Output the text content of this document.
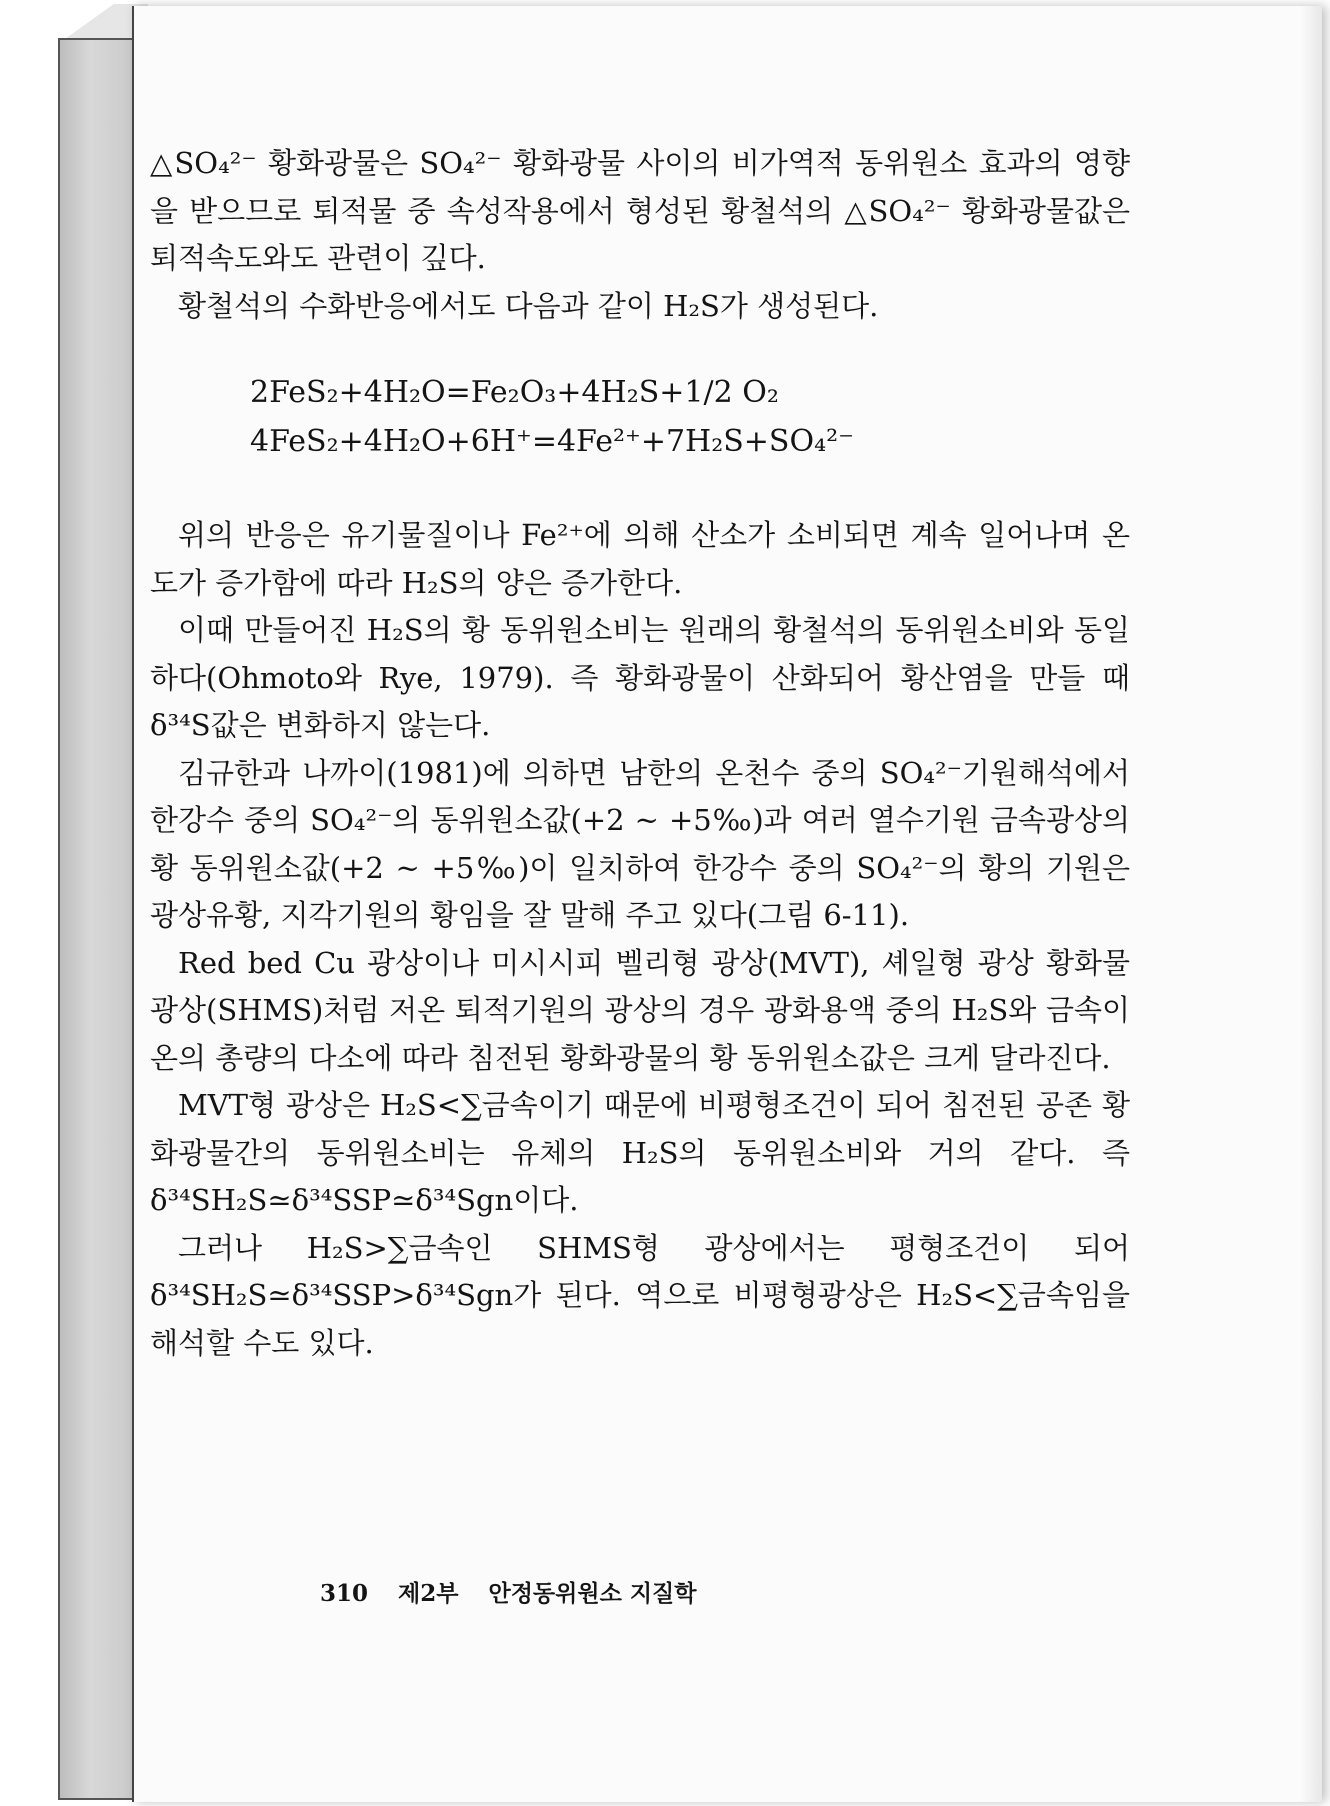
△SO₄²⁻ 황화광물은 SO₄²⁻ 황화광물 사이의 비가역적 동위원소 효과의 영향을 받으므로 퇴적물 중 속성작용에서 형성된 황철석의 △SO₄²⁻ 황화광물값은 퇴적속도와도 관련이 깊다.

황철석의 수화반응에서도 다음과 같이 H₂S가 생성된다.

2FeS₂+4H₂O=Fe₂O₃+4H₂S+1/2 O₂

4FeS₂+4H₂O+6H⁺=4Fe²⁺+7H₂S+SO₄²⁻

위의 반응은 유기물질이나 Fe²⁺에 의해 산소가 소비되면 계속 일어나며 온도가 증가함에 따라 H₂S의 양은 증가한다.

이때 만들어진 H₂S의 황 동위원소비는 원래의 황철석의 동위원소비와 동일하다(Ohmoto와 Rye, 1979). 즉 황화광물이 산화되어 황산염을 만들 때 δ³⁴S값은 변화하지 않는다.

김규한과 나까이(1981)에 의하면 남한의 온천수 중의 SO₄²⁻기원해석에서 한강수 중의 SO₄²⁻의 동위원소값(+2 ~ +5‰)과 여러 열수기원 금속광상의 황 동위원소값(+2 ~ +5‰)이 일치하여 한강수 중의 SO₄²⁻의 황의 기원은 광상유황, 지각기원의 황임을 잘 말해 주고 있다(그림 6-11).

Red bed Cu 광상이나 미시시피 벨리형 광상(MVT), 셰일형 광상 황화물 광상(SHMS)처럼 저온 퇴적기원의 광상의 경우 광화용액 중의 H₂S와 금속이온의 총량의 다소에 따라 침전된 황화광물의 황 동위원소값은 크게 달라진다.

MVT형 광상은 H₂S<∑금속이기 때문에 비평형조건이 되어 침전된 공존 황화광물간의 동위원소비는 유체의 H₂S의 동위원소비와 거의 같다. 즉 δ³⁴SH₂S≃δ³⁴SSP≃δ³⁴Sgn이다.

그러나 H₂S>∑금속인 SHMS형 광상에서는 평형조건이 되어 δ³⁴SH₂S≃δ³⁴SSP>δ³⁴Sgn가 된다. 역으로 비평형광상은 H₂S<∑금속임을 해석할 수도 있다.

310 제2부 안정동위원소 지질학
